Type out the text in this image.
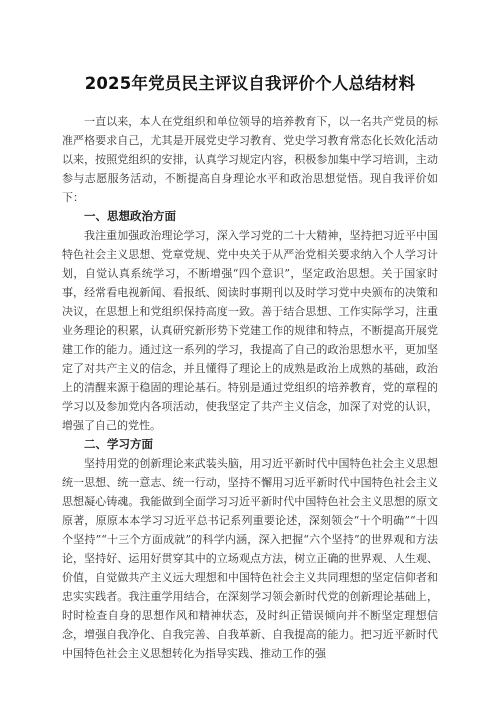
2025年党员民主评议自我评价个人总结材料

一直以来，本人在党组织和单位领导的培养教育下，以一名共产党员的标准严格要求自己，尤其是开展党史学习教育、党史学习教育常态化长效化活动以来，按照党组织的安排，认真学习规定内容，积极参加集中学习培训，主动参与志愿服务活动，不断提高自身理论水平和政治思想觉悟。现自我评价如下：

一、思想政治方面

我注重加强政治理论学习，深入学习党的二十大精神，坚持把习近平中国特色社会主义思想、党章党规、党中央关于从严治党相关要求纳入个人学习计划，自觉认真系统学习，不断增强“四个意识”，坚定政治思想。关于国家时事，经常看电视新闻、看报纸、阅读时事期刊以及时学习党中央颁布的决策和决议，在思想上和党组织保持高度一致。善于结合思想、工作实际学习，注重业务理论的积累，认真研究新形势下党建工作的规律和特点，不断提高开展党建工作的能力。通过这一系列的学习，我提高了自己的政治思想水平，更加坚定了对共产主义的信念，并且懂得了理论上的成熟是政治上成熟的基础，政治上的清醒来源于稳固的理论基石。特别是通过党组织的培养教育，党的章程的学习以及参加党内各项活动，使我坚定了共产主义信念，加深了对党的认识，增强了自己的党性。

二、学习方面

坚持用党的创新理论来武装头脑，用习近平新时代中国特色社会主义思想统一思想、统一意志、统一行动，坚持不懈用习近平新时代中国特色社会主义思想凝心铸魂。我能做到全面学习习近平新时代中国特色社会主义思想的原文原著，原原本本学习习近平总书记系列重要论述，深刻领会“十个明确”“十四个坚持”“十三个方面成就”的科学内涵，深入把握“六个坚持”的世界观和方法论，坚持好、运用好贯穿其中的立场观点方法，树立正确的世界观、人生观、价值，自觉做共产主义远大理想和中国特色社会主义共同理想的坚定信仰者和忠实实践者。我注重学用结合，在深刻学习领会新时代党的创新理论基础上，时时检查自身的思想作风和精神状态，及时纠正错误倾向并不断坚定理想信念，增强自我净化、自我完善、自我革新、自我提高的能力。把习近平新时代中国特色社会主义思想转化为指导实践、推动工作的强
